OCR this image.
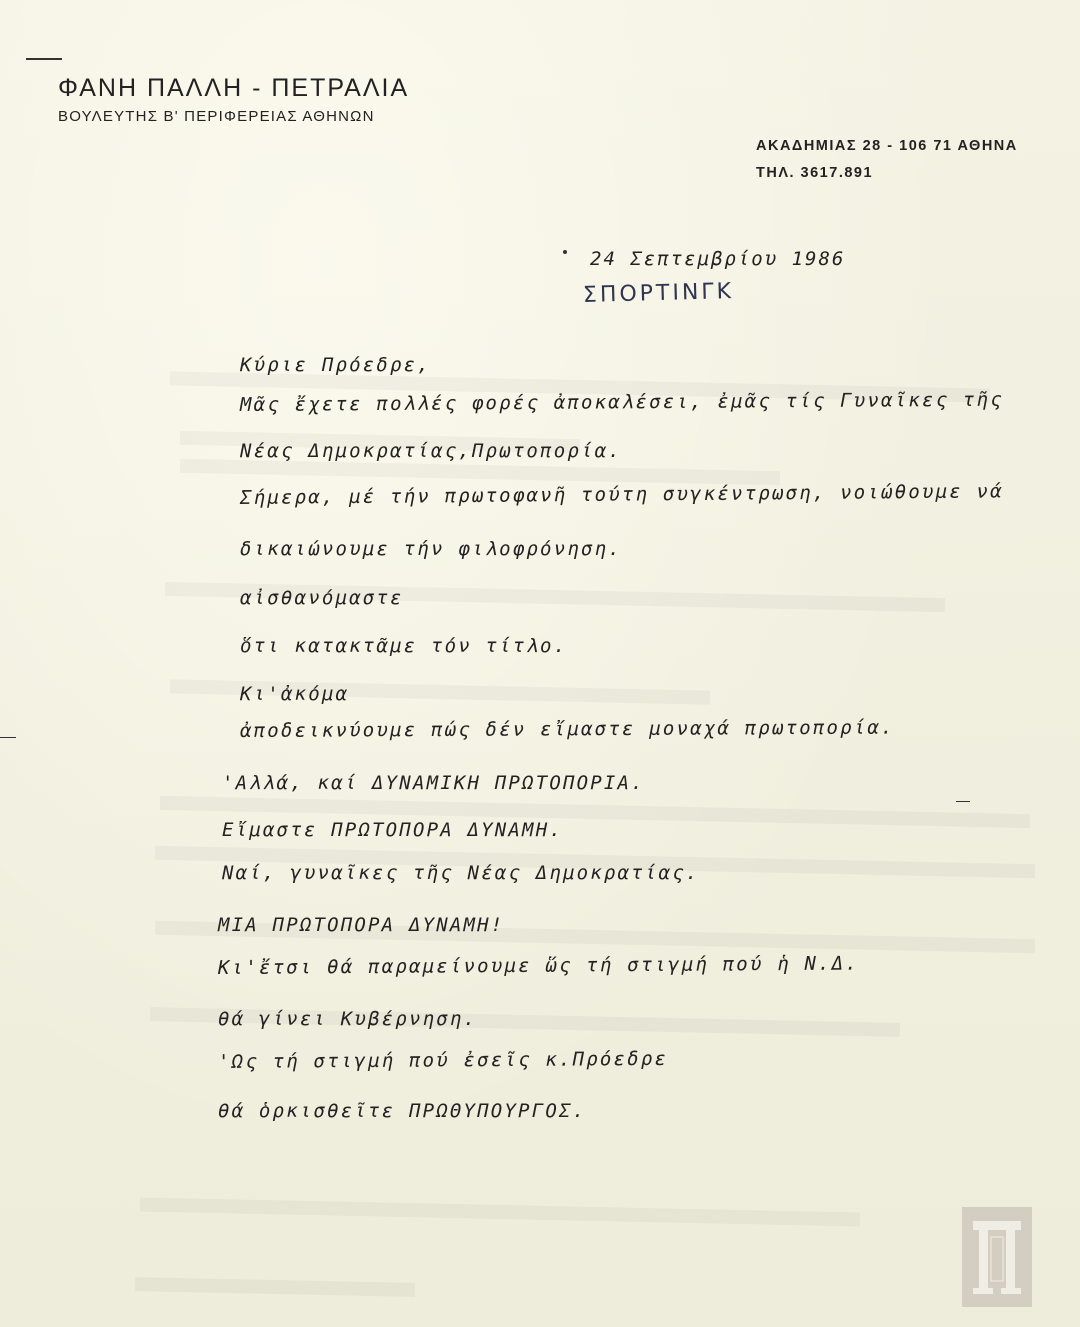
ΦΑΝΗ ΠΑΛΛΗ - ΠΕΤΡΑΛΙΑ
ΒΟΥΛΕΥΤΗΣ Β' ΠΕΡΙΦΕΡΕΙΑΣ ΑΘΗΝΩΝ
ΑΚΑΔΗΜΙΑΣ 28 - 106 71 ΑΘΗΝΑ
ΤΗΛ. 3617.891
24 Σεπτεμβρίου 1986
ΣΠΟΡΤΙΝΓΚ
Κύριε Πρόεδρε,
Μᾶς ἔχετε πολλές φορές ἀποκαλέσει, ἐμᾶς τίς Γυναῖκες τῆς
Νέας Δημοκρατίας,Πρωτοπορία.
Σήμερα, μέ τήν πρωτοφανῆ τούτη συγκέντρωση, νοιώθουμε νά
δικαιώνουμε τήν φιλοφρόνηση.
αἰσθανόμαστε
ὅτι κατακτᾶμε τόν τίτλο.
Κι'ἀκόμα
ἀποδεικνύουμε πώς δέν εἴμαστε μοναχά πρωτοπορία.
'Αλλά, καί ΔΥΝΑΜΙΚΗ ΠΡΩΤΟΠΟΡΙΑ.
Εἴμαστε ΠΡΩΤΟΠΟΡΑ ΔΥΝΑΜΗ.
Ναί, γυναῖκες τῆς Νέας Δημοκρατίας.
ΜΙΑ ΠΡΩΤΟΠΟΡΑ ΔΥΝΑΜΗ!
Κι'ἔτσι θά παραμείνουμε ὥς τή στιγμή πού ἡ Ν.Δ.
θά γίνει Κυβέρνηση.
'Ως τή στιγμή πού ἐσεῖς κ.Πρόεδρε
θά ὁρκισθεῖτε ΠΡΩΘΥΠΟΥΡΓΟΣ.
